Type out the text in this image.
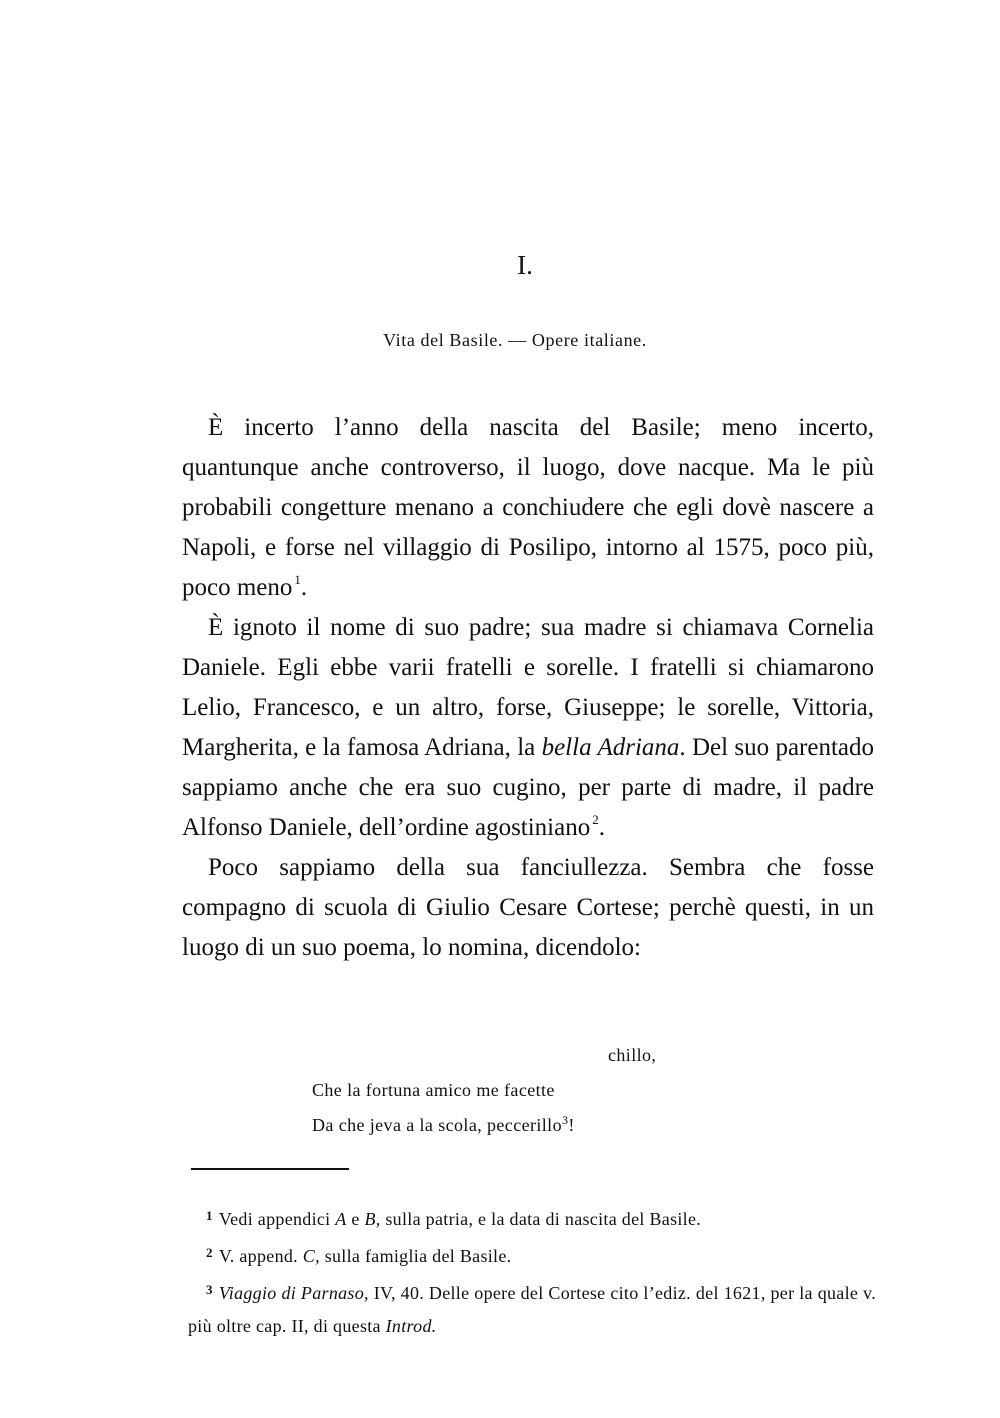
I.
Vita del Basile. — Opere italiane.

È incerto l’anno della nascita del Basile; meno incerto, quantunque anche controverso, il luogo, dove nacque. Ma le più probabili congetture menano a conchiudere che egli dovè nascere a Napoli, e forse nel villaggio di Posilipo, intorno al 1575, poco più, poco meno $^1$.

È ignoto il nome di suo padre; sua madre si chiamava Cornelia Daniele. Egli ebbe varii fratelli e sorelle. I fratelli si chiamarono Lelio, Francesco, e un altro, forse, Giuseppe; le sorelle, Vittoria, Margherita, e la famosa Adriana, la bella Adriana. Del suo parentado sappiamo anche che era suo cugino, per parte di madre, il padre Alfonso Daniele, dell’ordine agostiniano $^2$.

Poco sappiamo della sua fanciullezza. Sembra che fosse compagno di scuola di Giulio Cesare Cortese; perchè questi, in un luogo di un suo poema, lo nomina, dicendolo:

chillo,
Che la fortuna amico me facette
Da che jeva a la scola, peccerillo$^3$!

$^1$ Vedi appendici A e B, sulla patria, e la data di nascita del Basile.

$^2$ V. append. C, sulla famiglia del Basile.

$^3$ Viaggio di Parnaso, IV, 40. Delle opere del Cortese cito l’ediz. del 1621, per la quale v. più oltre cap. II, di questa Introd.
